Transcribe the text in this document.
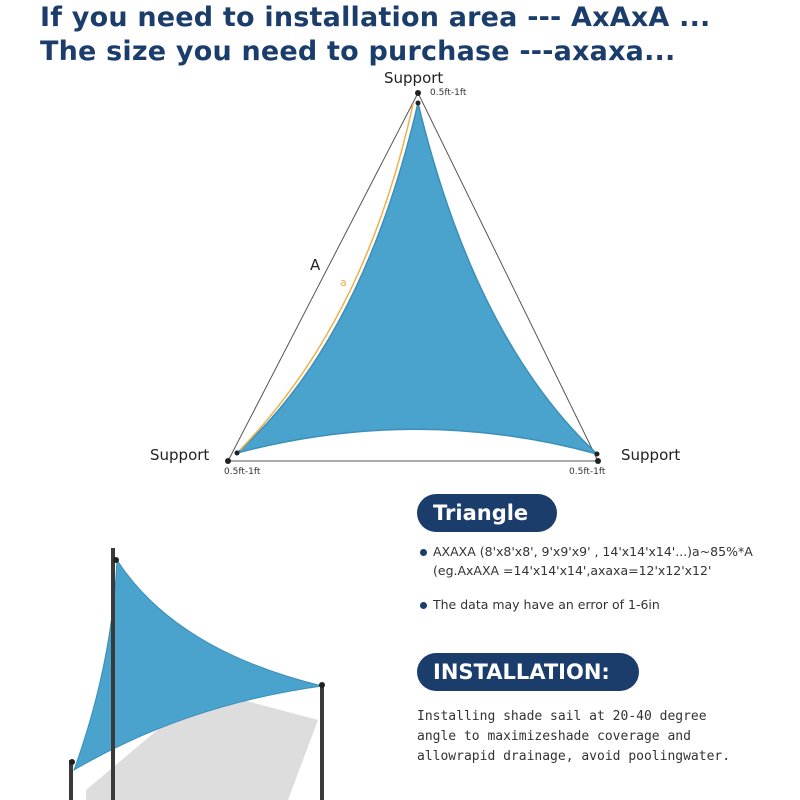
If you need to installation area --- AxAxA ...
The size you need to purchase ---axaxa...
Support
0.5ft-1ft
Support
0.5ft-1ft
Support
0.5ft-1ft
A
a
Triangle
AXAXA (8'x8'x8', 9'x9'x9' , 14'x14'x14'...)a~85%*A
(eg.AxAXA =14'x14'x14',axaxa=12'x12'x12'
The data may have an error of 1-6in
INSTALLATION:
Installing shade sail at 20-40 degree angle to maximizeshade coverage and allowrapid drainage, avoid poolingwater.
